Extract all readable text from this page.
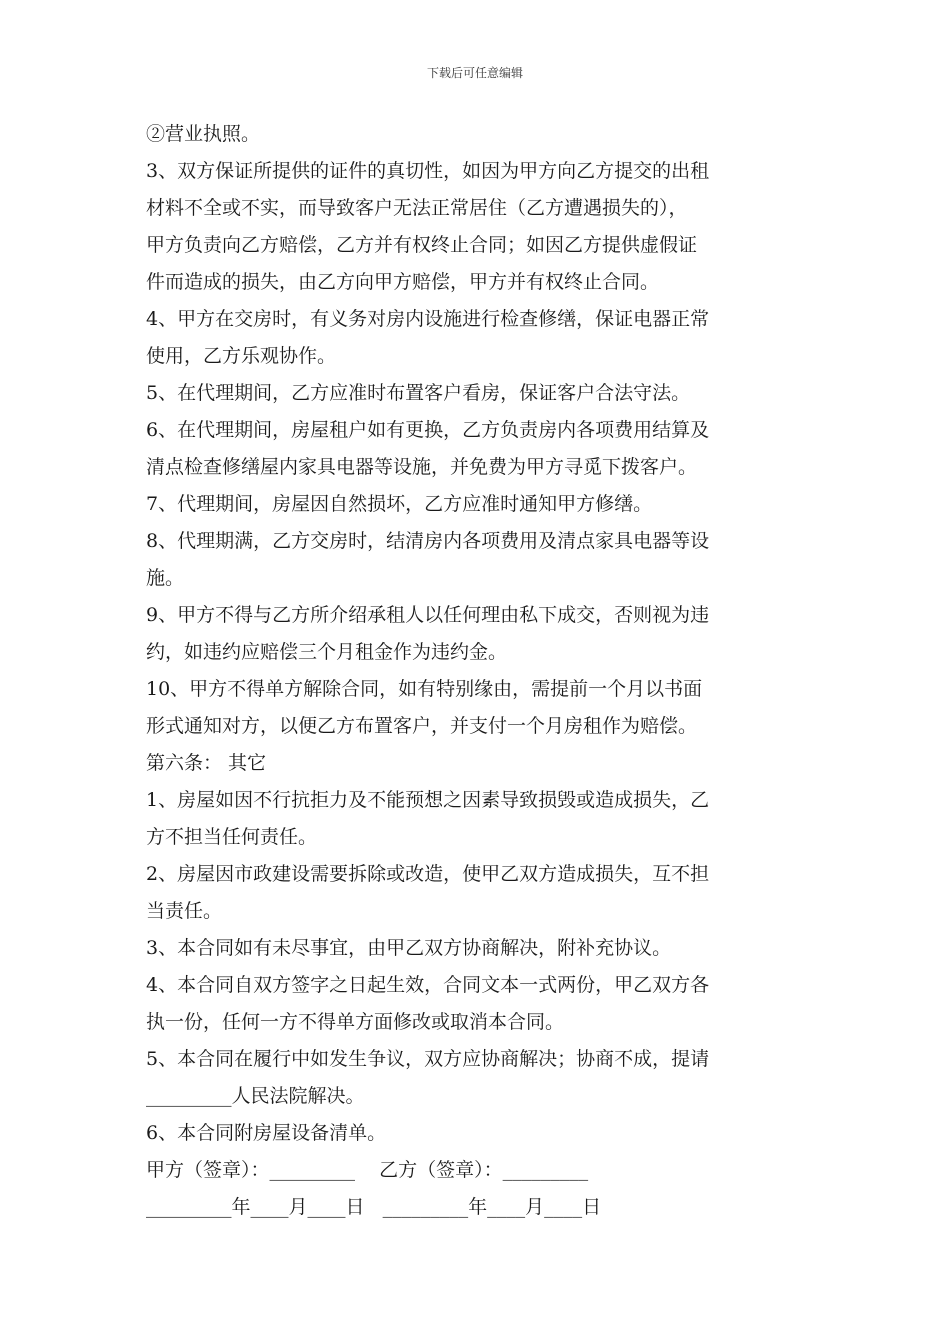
下载后可任意编辑
②营业执照。
3、双方保证所提供的证件的真切性，如因为甲方向乙方提交的出租
材料不全或不实，而导致客户无法正常居住（乙方遭遇损失的），
甲方负责向乙方赔偿，乙方并有权终止合同；如因乙方提供虚假证
件而造成的损失，由乙方向甲方赔偿，甲方并有权终止合同。
4、甲方在交房时，有义务对房内设施进行检查修缮，保证电器正常
使用，乙方乐观协作。
5、在代理期间，乙方应准时布置客户看房，保证客户合法守法。
6、在代理期间，房屋租户如有更换，乙方负责房内各项费用结算及
清点检查修缮屋内家具电器等设施，并免费为甲方寻觅下拨客户。
7、代理期间，房屋因自然损坏，乙方应准时通知甲方修缮。
8、代理期满，乙方交房时，结清房内各项费用及清点家具电器等设
施。
9、甲方不得与乙方所介绍承租人以任何理由私下成交，否则视为违
约，如违约应赔偿三个月租金作为违约金。
10、甲方不得单方解除合同，如有特别缘由，需提前一个月以书面
形式通知对方，以便乙方布置客户，并支付一个月房租作为赔偿。
第六条： 其它
1、房屋如因不行抗拒力及不能预想之因素导致损毁或造成损失，乙
方不担当任何责任。
2、房屋因市政建设需要拆除或改造，使甲乙双方造成损失，互不担
当责任。
3、本合同如有未尽事宜，由甲乙双方协商解决，附补充协议。
4、本合同自双方签字之日起生效，合同文本一式两份，甲乙双方各
执一份，任何一方不得单方面修改或取消本合同。
5、本合同在履行中如发生争议，双方应协商解决；协商不成，提请
_________人民法院解决。
6、本合同附房屋设备清单。
甲方（签章）：_________    乙方（签章）：_________
_________年____月____日   _________年____月____日
